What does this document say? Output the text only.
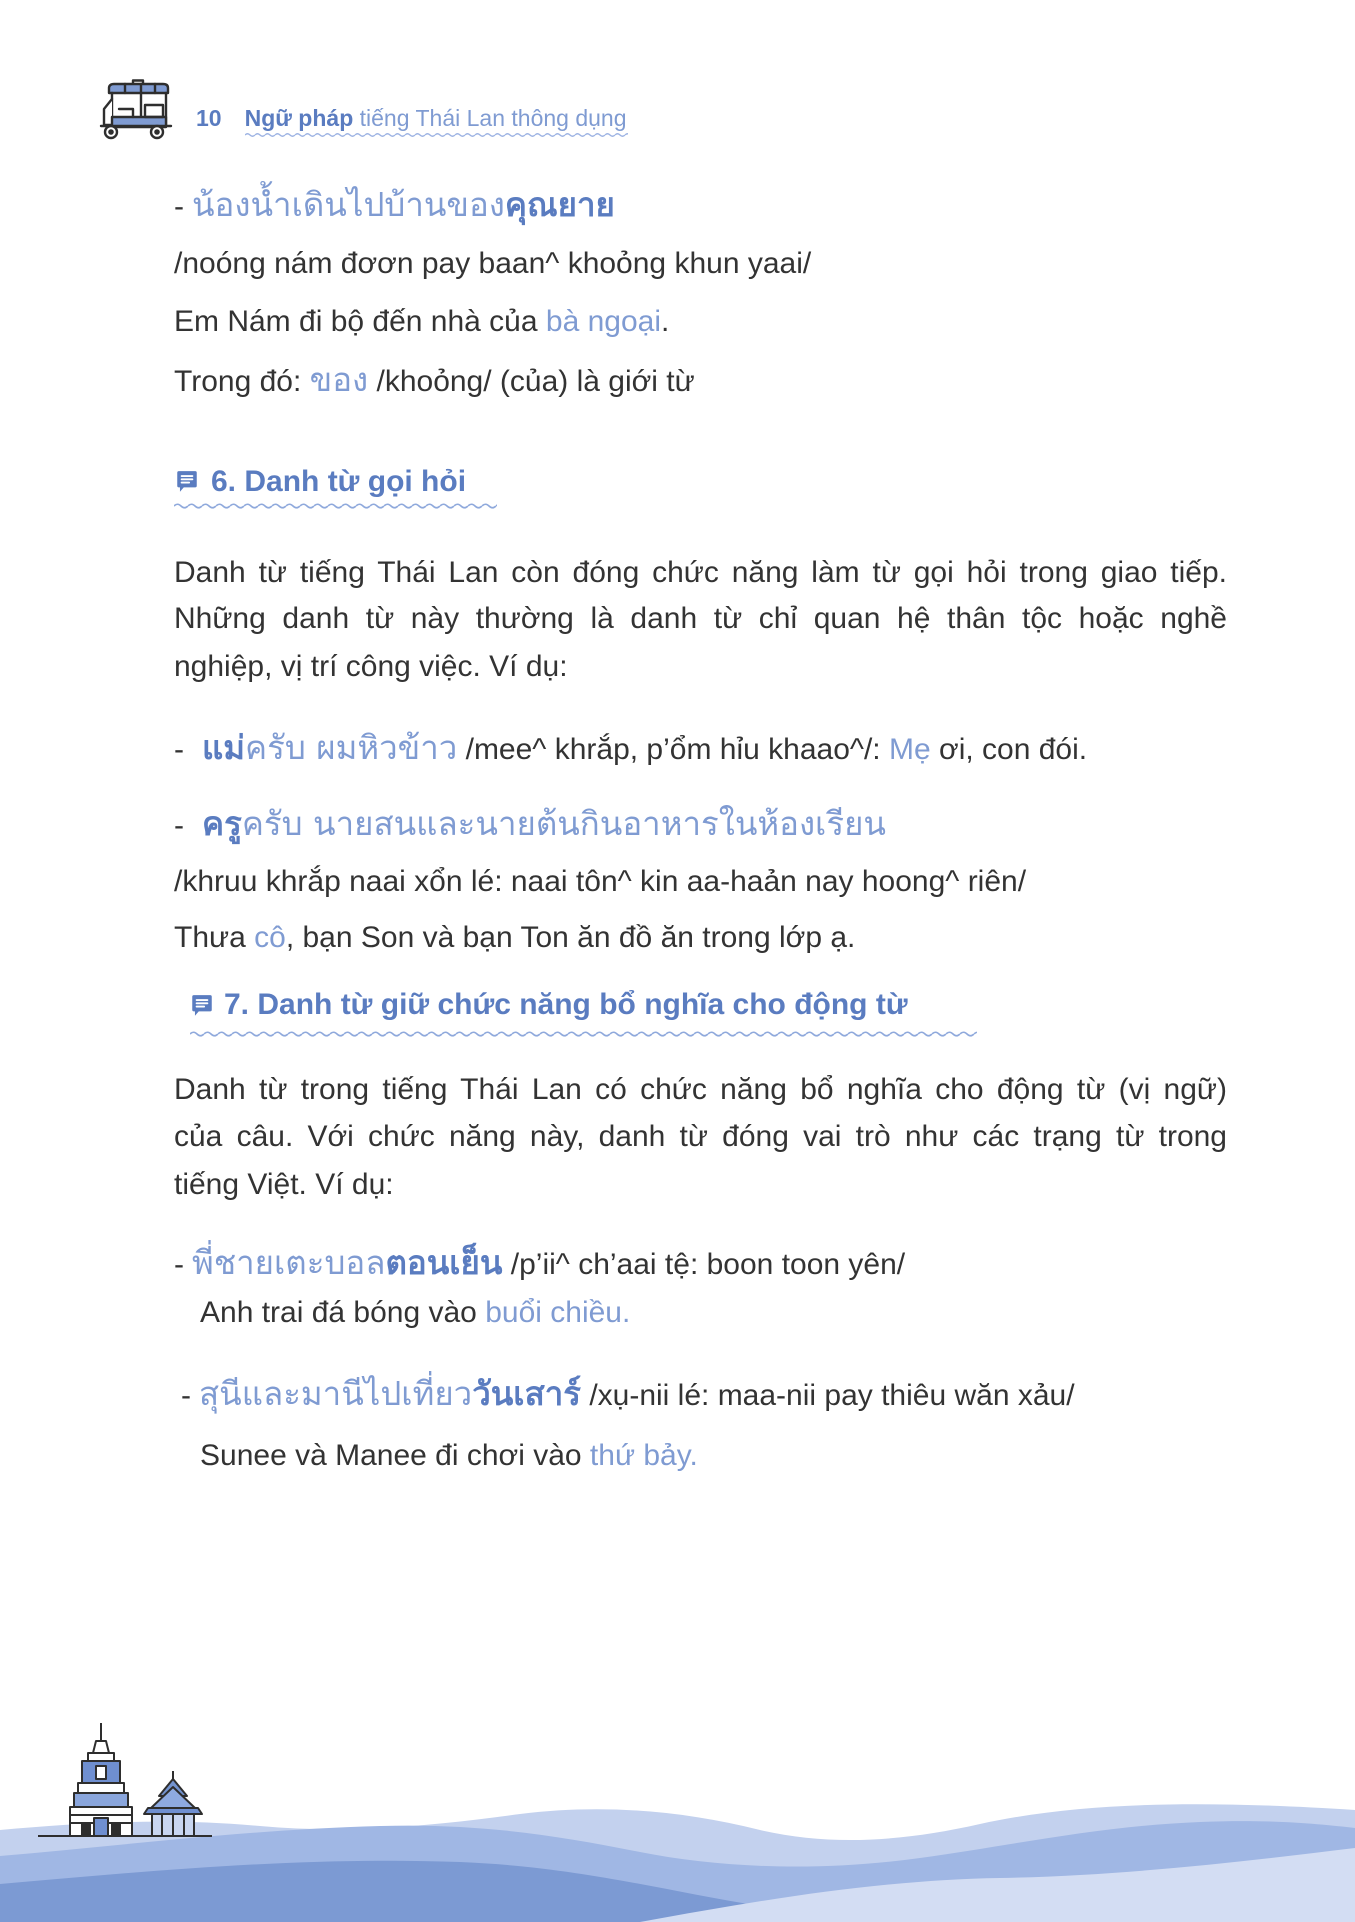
10 Ngữ pháp tiếng Thái Lan thông dụng
- น้องน้ำเดินไปบ้านของคุณยาย
/noóng nám đơơn pay baan^ khoỏng khun yaai/
Em Nám đi bộ đến nhà của bà ngoại.
Trong đó: ของ /khoỏng/ (của) là giới từ
6. Danh từ gọi hỏi
Danh từ tiếng Thái Lan còn đóng chức năng làm từ gọi hỏi trong giao tiếp.
Những danh từ này thường là danh từ chỉ quan hệ thân tộc hoặc nghề
nghiệp, vị trí công việc. Ví dụ:
- แม่ครับ ผมหิวข้าว /mee^ khrắp, p’ổm hỉu khaao^/: Mẹ ơi, con đói.
- ครูครับ นายสนและนายต้นกินอาหารในห้องเรียน
/khruu khrắp naai xổn lé: naai tôn^ kin aa-haản nay hoong^ riên/
Thưa cô, bạn Son và bạn Ton ăn đồ ăn trong lớp ạ.
7. Danh từ giữ chức năng bổ nghĩa cho động từ
Danh từ trong tiếng Thái Lan có chức năng bổ nghĩa cho động từ (vị ngữ)
của câu. Với chức năng này, danh từ đóng vai trò như các trạng từ trong
tiếng Việt. Ví dụ:
- พี่ชายเตะบอลตอนเย็น /p’ii^ ch’aai tệ: boon toon yên/
Anh trai đá bóng vào buổi chiều.
- สุนีและมานีไปเที่ยววันเสาร์ /xụ-nii lé: maa-nii pay thiêu wăn xảu/
Sunee và Manee đi chơi vào thứ bảy.
